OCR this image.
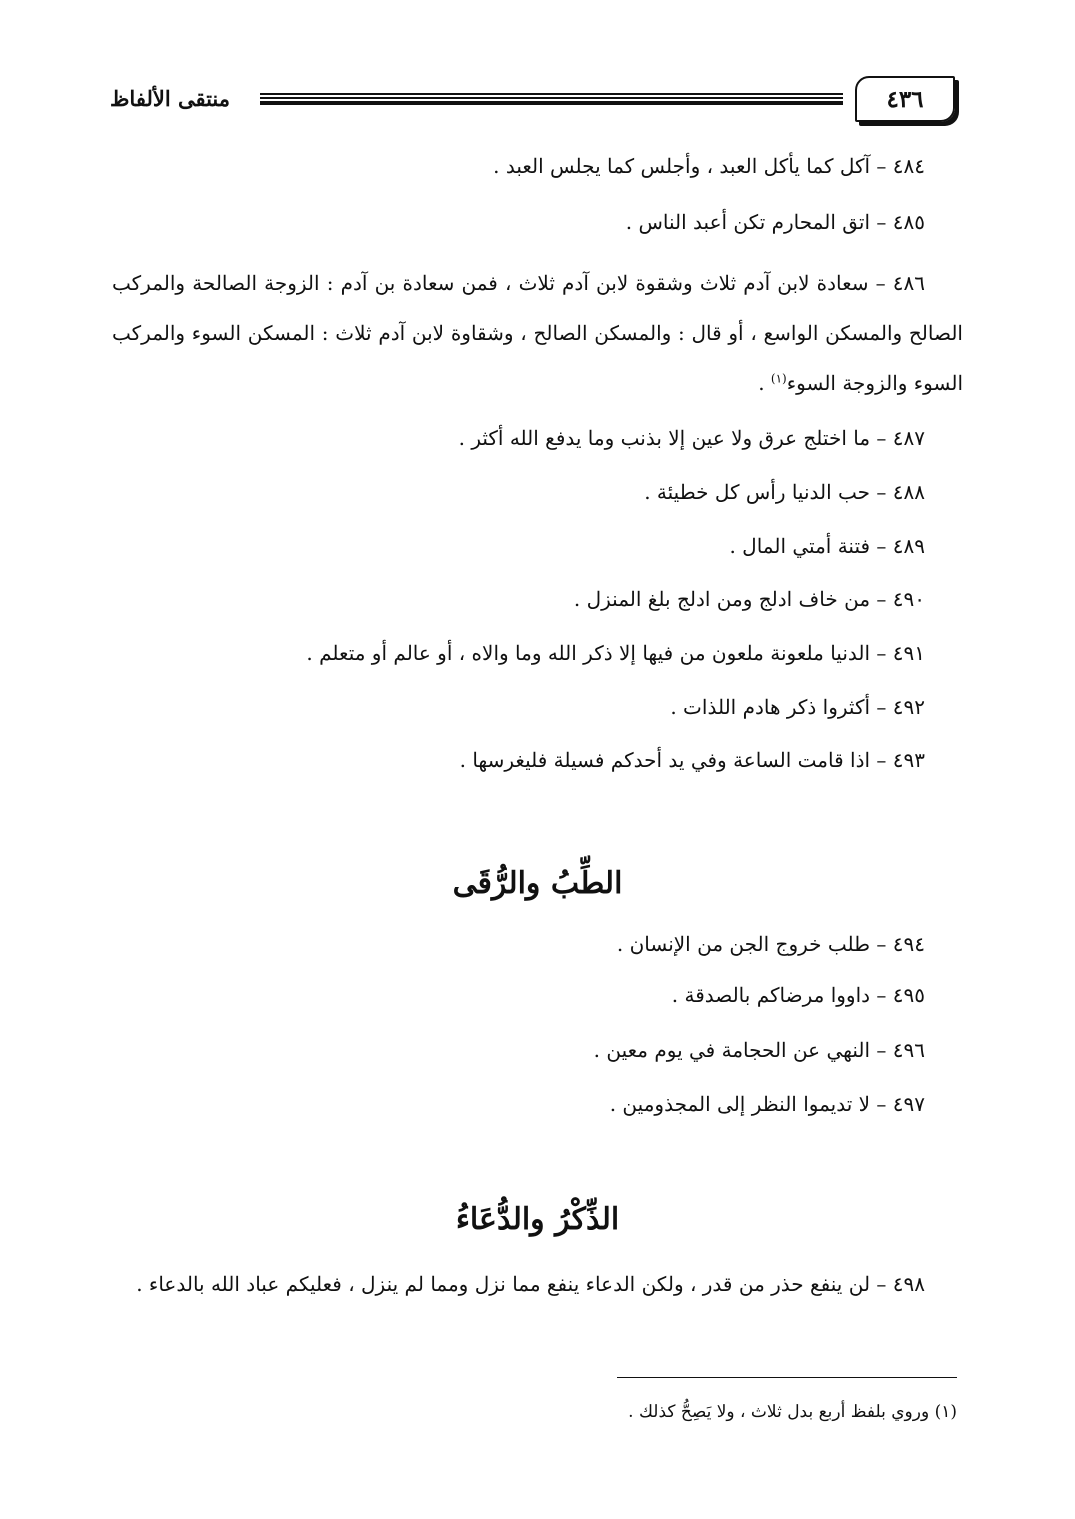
٤٣٦
منتقى الألفاظ
٤٨٤ – آكل كما يأكل العبد ، وأجلس كما يجلس العبد .
٤٨٥ – اتق المحارم تكن أعبد الناس .
٤٨٦ – سعادة لابن آدم ثلاث وشقوة لابن آدم ثلاث ، فمن سعادة بن آدم : الزوجة الصالحة والمركب الصالح والمسكن الواسع ، أو قال : والمسكن الصالح ، وشقاوة لابن آدم ثلاث : المسكن السوء والمركب السوء والزوجة السوء$^{(١)}$ .
٤٨٧ – ما اختلج عرق ولا عين إلا بذنب وما يدفع الله أكثر .
٤٨٨ – حب الدنيا رأس كل خطيئة .
٤٨٩ – فتنة أمتي المال .
٤٩٠ – من خاف ادلج ومن ادلج بلغ المنزل .
٤٩١ – الدنيا ملعونة ملعون من فيها إلا ذكر الله وما والاه ، أو عالم أو متعلم .
٤٩٢ – أكثروا ذكر هادم اللذات .
٤٩٣ – اذا قامت الساعة وفي يد أحدكم فسيلة فليغرسها .
الطِّبُ والرُّقَى
٤٩٤ – طلب خروج الجن من الإنسان .
٤٩٥ – داووا مرضاكم بالصدقة .
٤٩٦ – النهي عن الحجامة في يوم معين .
٤٩٧ – لا تديموا النظر إلى المجذومين .
الذِّكْرُ والدُّعَاءُ
٤٩٨ – لن ينفع حذر من قدر ، ولكن الدعاء ينفع مما نزل ومما لم ينزل ، فعليكم عباد الله بالدعاء .
(١) وروي بلفظ أربع بدل ثلاث ، ولا يَصِحُّ كذلك .
